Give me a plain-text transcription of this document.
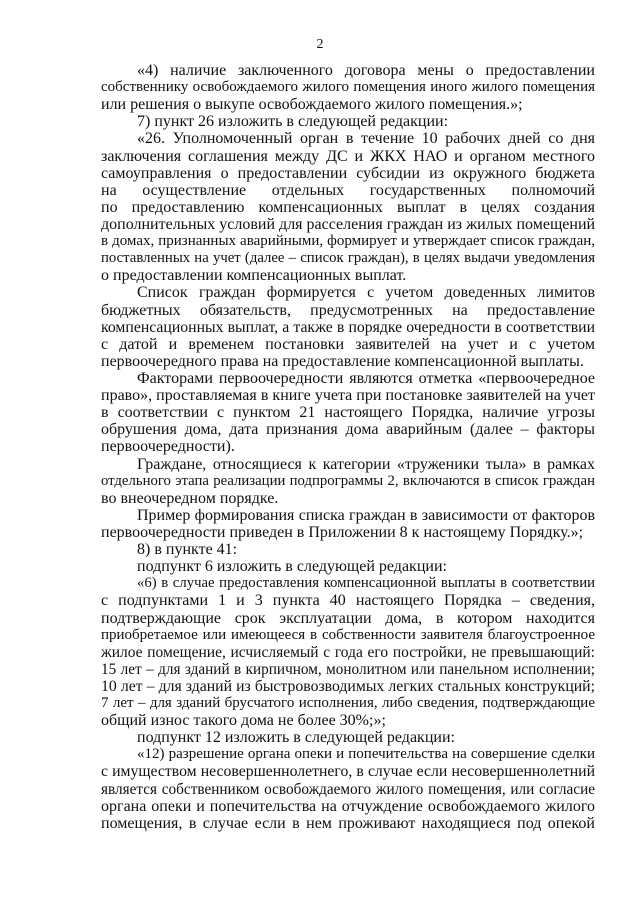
2
«4) наличие заключенного договора мены о предоставлении
собственнику освобождаемого жилого помещения иного жилого помещения
или решения о выкупе освобождаемого жилого помещения.»;
7) пункт 26 изложить в следующей редакции:
«26. Уполномоченный орган в течение 10 рабочих дней со дня
заключения соглашения между ДС и ЖКХ НАО и органом местного
самоуправления о предоставлении субсидии из окружного бюджета
на осуществление отдельных государственных полномочий
по предоставлению компенсационных выплат в целях создания
дополнительных условий для расселения граждан из жилых помещений
в домах, признанных аварийными, формирует и утверждает список граждан,
поставленных на учет (далее – список граждан), в целях выдачи уведомления
о предоставлении компенсационных выплат.
Список граждан формируется с учетом доведенных лимитов
бюджетных обязательств, предусмотренных на предоставление
компенсационных выплат, а также в порядке очередности в соответствии
с датой и временем постановки заявителей на учет и с учетом
первоочередного права на предоставление компенсационной выплаты.
Факторами первоочередности являются отметка «первоочередное
право», проставляемая в книге учета при постановке заявителей на учет
в соответствии с пунктом 21 настоящего Порядка, наличие угрозы
обрушения дома, дата признания дома аварийным (далее – факторы
первоочередности).
Граждане, относящиеся к категории «труженики тыла» в рамках
отдельного этапа реализации подпрограммы 2, включаются в список граждан
во внеочередном порядке.
Пример формирования списка граждан в зависимости от факторов
первоочередности приведен в Приложении 8 к настоящему Порядку.»;
8) в пункте 41:
подпункт 6 изложить в следующей редакции:
«6) в случае предоставления компенсационной выплаты в соответствии
с подпунктами 1 и 3 пункта 40 настоящего Порядка – сведения,
подтверждающие срок эксплуатации дома, в котором находится
приобретаемое или имеющееся в собственности заявителя благоустроенное
жилое помещение, исчисляемый с года его постройки, не превышающий:
15 лет – для зданий в кирпичном, монолитном или панельном исполнении;
10 лет – для зданий из быстровозводимых легких стальных конструкций;
7 лет – для зданий брусчатого исполнения, либо сведения, подтверждающие
общий износ такого дома не более 30%;»;
подпункт 12 изложить в следующей редакции:
«12) разрешение органа опеки и попечительства на совершение сделки
с имуществом несовершеннолетнего, в случае если несовершеннолетний
является собственником освобождаемого жилого помещения, или согласие
органа опеки и попечительства на отчуждение освобождаемого жилого
помещения, в случае если в нем проживают находящиеся под опекой
